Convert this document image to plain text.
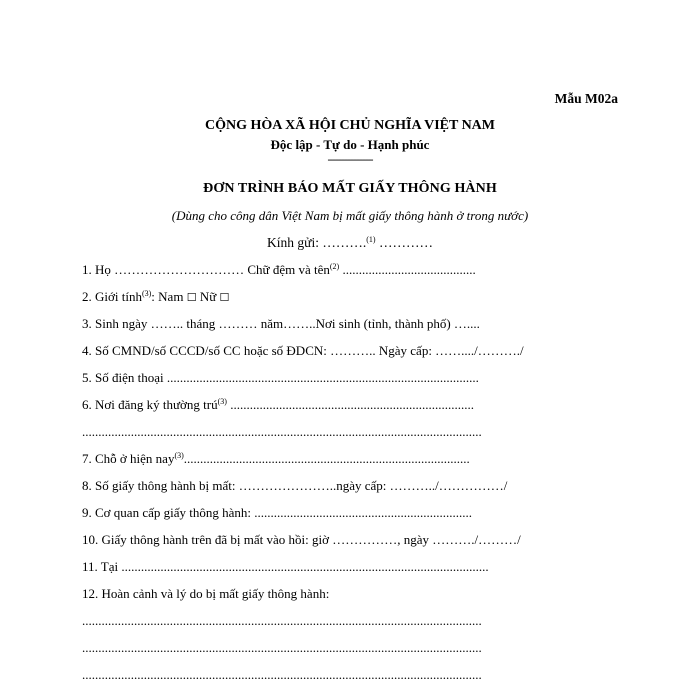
Mẫu M02a
CỘNG HÒA XÃ HỘI CHỦ NGHĨA VIỆT NAM
Độc lập - Tự do - Hạnh phúc
---------------
ĐƠN TRÌNH BÁO MẤT GIẤY THÔNG HÀNH
(Dùng cho công dân Việt Nam bị mất giấy thông hành ở trong nước)
Kính gửi: ……….$^{(1)}$ …………
1. Họ ………………………… Chữ đệm và tên$^{(2)}$ .........................................
2. Giới tính$^{(3)}$: Nam ☐ Nữ ☐
3. Sinh ngày …….. tháng ……… năm……..Nơi sinh (tỉnh, thành phố) …....
4. Số CMND/số CCCD/số CC hoặc số ĐDCN: ……….. Ngày cấp: ……..../………./
5. Số điện thoại ................................................................................................
6. Nơi đăng ký thường trú$^{(3)}$ ...........................................................................
...........................................................................................................................
7. Chỗ ở hiện nay$^{(3)}$........................................................................................
8. Số giấy thông hành bị mất: …………………..ngày cấp: ………../……………/
9. Cơ quan cấp giấy thông hành: ...................................................................
10. Giấy thông hành trên đã bị mất vào hồi: giờ ……………, ngày ………./………/
11. Tại .................................................................................................................
12. Hoàn cảnh và lý do bị mất giấy thông hành:
...........................................................................................................................
...........................................................................................................................
...........................................................................................................................
